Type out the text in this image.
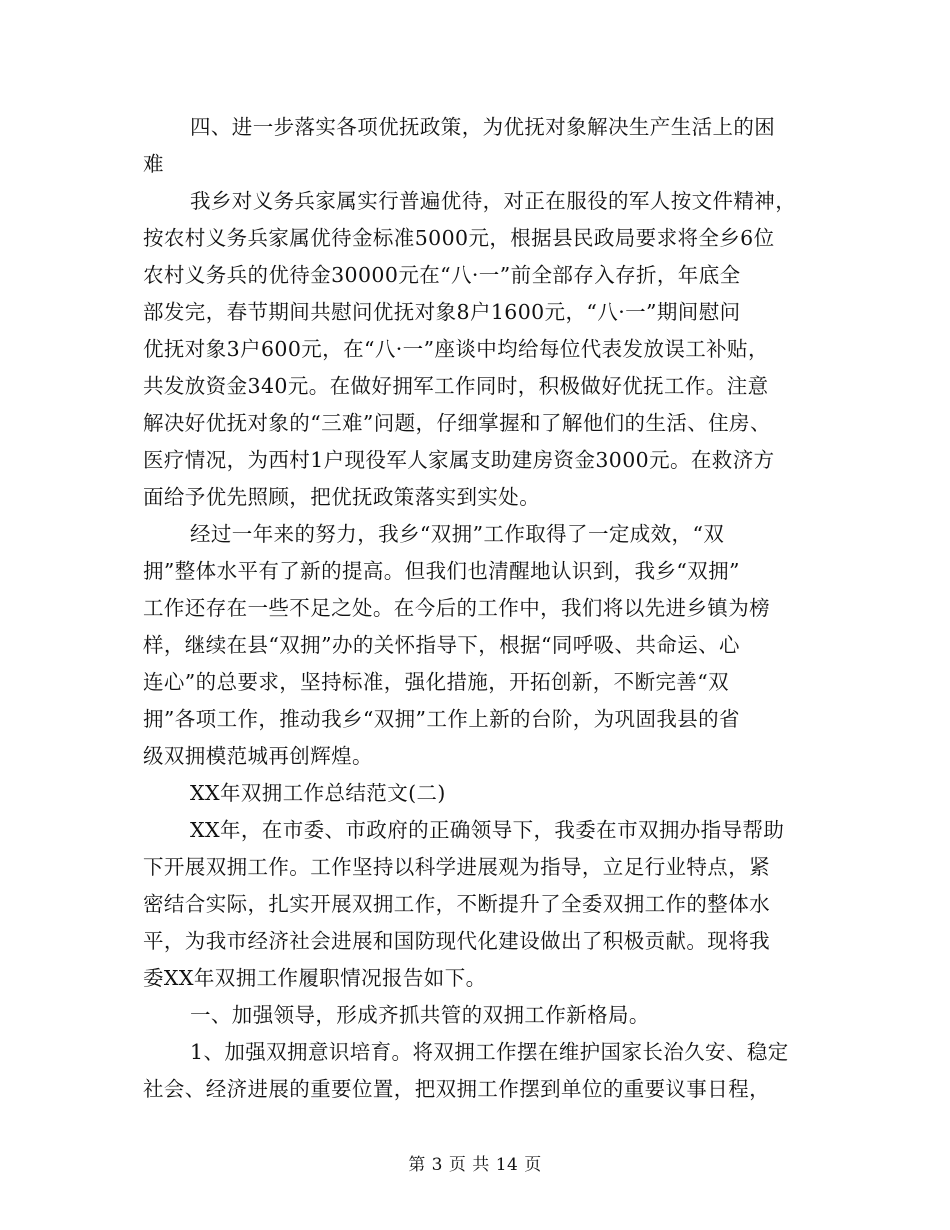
四、进一步落实各项优抚政策，为优抚对象解决生产生活上的困
难
我乡对义务兵家属实行普遍优待，对正在服役的军人按文件精神，
按农村义务兵家属优待金标准5000元，根据县民政局要求将全乡6位
农村义务兵的优待金30000元在“八·一”前全部存入存折，年底全
部发完，春节期间共慰问优抚对象8户1600元，“八·一”期间慰问
优抚对象3户600元，在“八·一”座谈中均给每位代表发放误工补贴，
共发放资金340元。在做好拥军工作同时，积极做好优抚工作。注意
解决好优抚对象的“三难”问题，仔细掌握和了解他们的生活、住房、
医疗情况，为西村1户现役军人家属支助建房资金3000元。在救济方
面给予优先照顾，把优抚政策落实到实处。
经过一年来的努力，我乡“双拥”工作取得了一定成效，“双
拥”整体水平有了新的提高。但我们也清醒地认识到，我乡“双拥”
工作还存在一些不足之处。在今后的工作中，我们将以先进乡镇为榜
样，继续在县“双拥”办的关怀指导下，根据“同呼吸、共命运、心
连心”的总要求，坚持标准，强化措施，开拓创新，不断完善“双
拥”各项工作，推动我乡“双拥”工作上新的台阶，为巩固我县的省
级双拥模范城再创辉煌。
XX年双拥工作总结范文(二)
XX年，在市委、市政府的正确领导下，我委在市双拥办指导帮助
下开展双拥工作。工作坚持以科学进展观为指导，立足行业特点，紧
密结合实际，扎实开展双拥工作，不断提升了全委双拥工作的整体水
平，为我市经济社会进展和国防现代化建设做出了积极贡献。现将我
委XX年双拥工作履职情况报告如下。
一、加强领导，形成齐抓共管的双拥工作新格局。
1、加强双拥意识培育。将双拥工作摆在维护国家长治久安、稳定
社会、经济进展的重要位置，把双拥工作摆到单位的重要议事日程，
第 3 页 共 14 页
